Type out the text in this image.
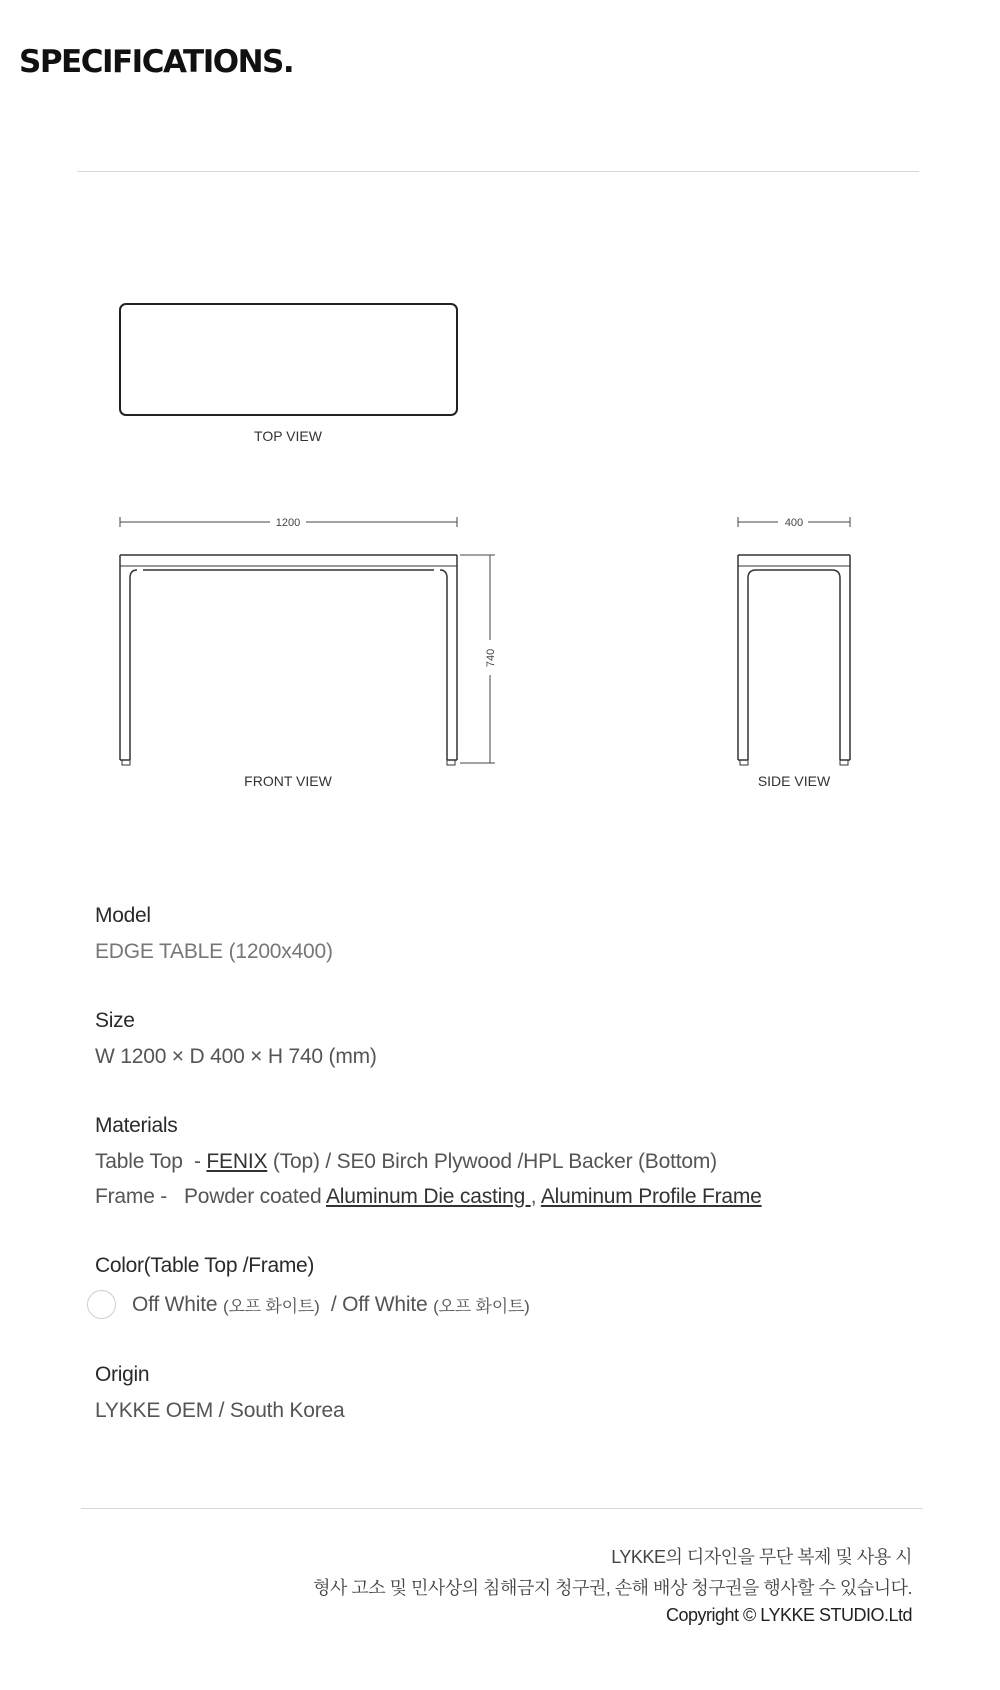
SPECIFICATIONS.
TOP VIEW
1200
740
FRONT VIEW
400
SIDE VIEW
Model
EDGE TABLE (1200x400)
Size
W 1200 × D 400 × H 740 (mm)
Materials
Table Top  - FENIX (Top) / SE0 Birch Plywood /HPL Backer (Bottom)
Frame -   Powder coated Aluminum Die casting , Aluminum Profile Frame
Color(Table Top /Frame)
Off White (오프 화이트) / Off White (오프 화이트)
Origin
LYKKE OEM / South Korea
LYKKE의 디자인을 무단 복제 및 사용 시
형사 고소 및 민사상의 침해금지 청구권, 손해 배상 청구권을 행사할 수 있습니다.
Copyright © LYKKE STUDIO.Ltd
